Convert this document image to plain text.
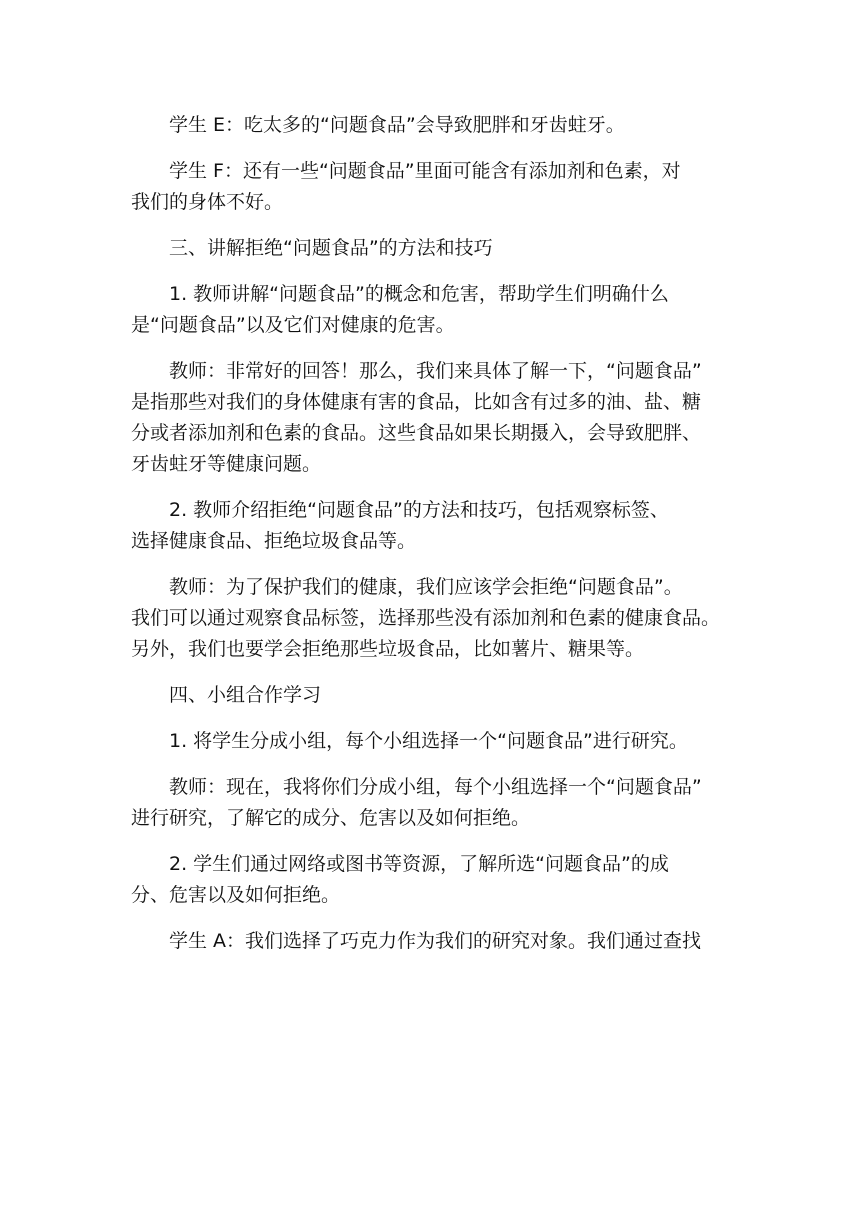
学生 E：吃太多的“问题食品”会导致肥胖和牙齿蛀牙。

学生 F：还有一些“问题食品”里面可能含有添加剂和色素，对
我们的身体不好。

三、讲解拒绝“问题食品”的方法和技巧

1. 教师讲解“问题食品”的概念和危害，帮助学生们明确什么
是“问题食品”以及它们对健康的危害。

教师：非常好的回答！那么，我们来具体了解一下，“问题食品”
是指那些对我们的身体健康有害的食品，比如含有过多的油、盐、糖
分或者添加剂和色素的食品。这些食品如果长期摄入，会导致肥胖、
牙齿蛀牙等健康问题。

2. 教师介绍拒绝“问题食品”的方法和技巧，包括观察标签、
选择健康食品、拒绝垃圾食品等。

教师：为了保护我们的健康，我们应该学会拒绝“问题食品”。
我们可以通过观察食品标签，选择那些没有添加剂和色素的健康食品。
另外，我们也要学会拒绝那些垃圾食品，比如薯片、糖果等。

四、小组合作学习

1. 将学生分成小组，每个小组选择一个“问题食品”进行研究。

教师：现在，我将你们分成小组，每个小组选择一个“问题食品”
进行研究，了解它的成分、危害以及如何拒绝。

2. 学生们通过网络或图书等资源，了解所选“问题食品”的成
分、危害以及如何拒绝。

学生 A：我们选择了巧克力作为我们的研究对象。我们通过查找
